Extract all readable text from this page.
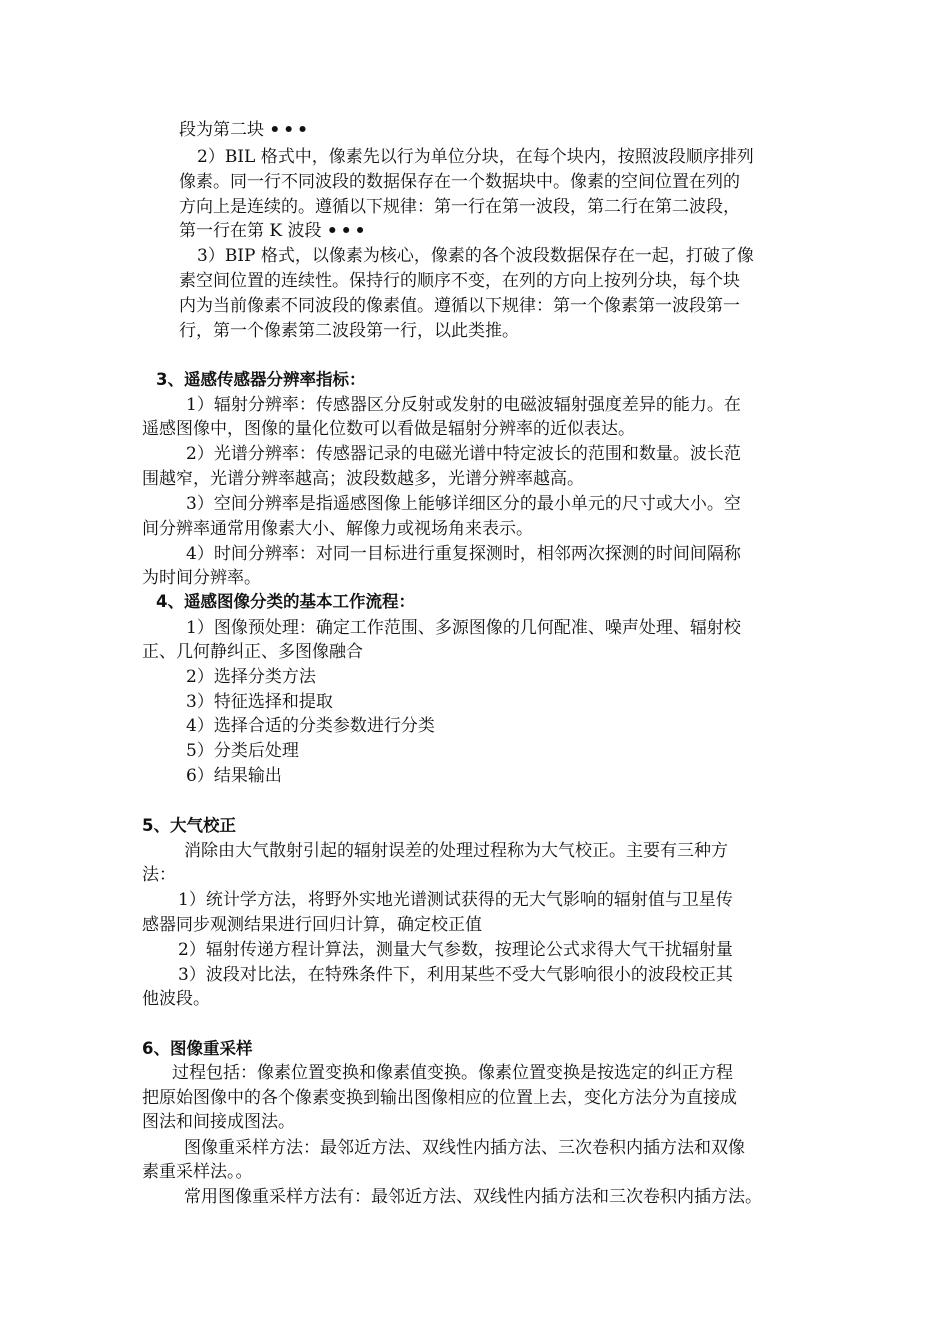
段为第二块 •••
2）BIL 格式中，像素先以行为单位分块，在每个块内，按照波段顺序排列
像素。同一行不同波段的数据保存在一个数据块中。像素的空间位置在列的
方向上是连续的。遵循以下规律：第一行在第一波段，第二行在第二波段，
第一行在第 K 波段 •••
3）BIP 格式，以像素为核心，像素的各个波段数据保存在一起，打破了像
素空间位置的连续性。保持行的顺序不变，在列的方向上按列分块，每个块
内为当前像素不同波段的像素值。遵循以下规律：第一个像素第一波段第一
行，第一个像素第二波段第一行，以此类推。
3、遥感传感器分辨率指标：
1）辐射分辨率：传感器区分反射或发射的电磁波辐射强度差异的能力。在
遥感图像中，图像的量化位数可以看做是辐射分辨率的近似表达。
2）光谱分辨率：传感器记录的电磁光谱中特定波长的范围和数量。波长范
围越窄，光谱分辨率越高；波段数越多，光谱分辨率越高。
3）空间分辨率是指遥感图像上能够详细区分的最小单元的尺寸或大小。空
间分辨率通常用像素大小、解像力或视场角来表示。
4）时间分辨率：对同一目标进行重复探测时，相邻两次探测的时间间隔称
为时间分辨率。
4、遥感图像分类的基本工作流程：
1）图像预处理：确定工作范围、多源图像的几何配准、噪声处理、辐射校
正、几何静纠正、多图像融合
2）选择分类方法
3）特征选择和提取
4）选择合适的分类参数进行分类
5）分类后处理
6）结果输出
5、大气校正
消除由大气散射引起的辐射误差的处理过程称为大气校正。主要有三种方
法：
1）统计学方法，将野外实地光谱测试获得的无大气影响的辐射值与卫星传
感器同步观测结果进行回归计算，确定校正值
2）辐射传递方程计算法，测量大气参数，按理论公式求得大气干扰辐射量
3）波段对比法，在特殊条件下，利用某些不受大气影响很小的波段校正其
他波段。
6、图像重采样
过程包括：像素位置变换和像素值变换。像素位置变换是按选定的纠正方程
把原始图像中的各个像素变换到输出图像相应的位置上去，变化方法分为直接成
图法和间接成图法。
图像重采样方法：最邻近方法、双线性内插方法、三次卷积内插方法和双像
素重采样法。。
常用图像重采样方法有：最邻近方法、双线性内插方法和三次卷积内插方法。
